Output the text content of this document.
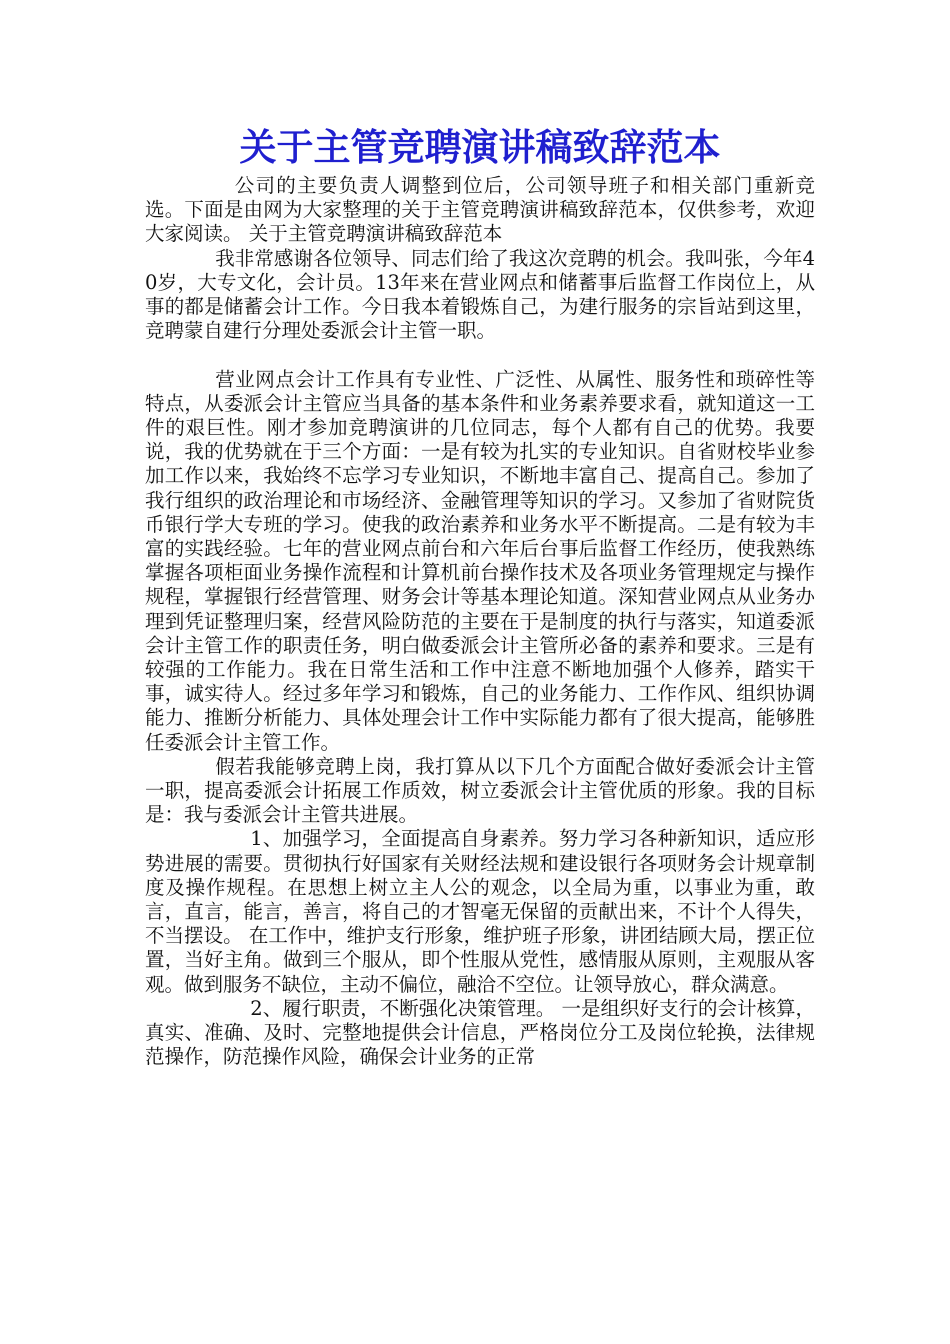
关于主管竞聘演讲稿致辞范本

公司的主要负责人调整到位后，公司领导班子和相关部门重新竞选。下面是由网为大家整理的关于主管竞聘演讲稿致辞范本，仅供参考，欢迎大家阅读。 关于主管竞聘演讲稿致辞范本

我非常感谢各位领导、同志们给了我这次竞聘的机会。我叫张，今年40岁，大专文化，会计员。13年来在营业网点和储蓄事后监督工作岗位上，从事的都是储蓄会计工作。今日我本着锻炼自己，为建行服务的宗旨站到这里，竞聘蒙自建行分理处委派会计主管一职。

营业网点会计工作具有专业性、广泛性、从属性、服务性和琐碎性等特点，从委派会计主管应当具备的基本条件和业务素养要求看，就知道这一工件的艰巨性。刚才参加竞聘演讲的几位同志，每个人都有自己的优势。我要说，我的优势就在于三个方面：一是有较为扎实的专业知识。自省财校毕业参加工作以来，我始终不忘学习专业知识，不断地丰富自己、提高自己。参加了我行组织的政治理论和市场经济、金融管理等知识的学习。又参加了省财院货币银行学大专班的学习。使我的政治素养和业务水平不断提高。二是有较为丰富的实践经验。七年的营业网点前台和六年后台事后监督工作经历，使我熟练掌握各项柜面业务操作流程和计算机前台操作技术及各项业务管理规定与操作规程，掌握银行经营管理、财务会计等基本理论知道。深知营业网点从业务办理到凭证整理归案，经营风险防范的主要在于是制度的执行与落实，知道委派会计主管工作的职责任务，明白做委派会计主管所必备的素养和要求。三是有较强的工作能力。我在日常生活和工作中注意不断地加强个人修养，踏实干事，诚实待人。经过多年学习和锻炼，自己的业务能力、工作作风、组织协调能力、推断分析能力、具体处理会计工作中实际能力都有了很大提高，能够胜任委派会计主管工作。

假若我能够竞聘上岗，我打算从以下几个方面配合做好委派会计主管一职，提高委派会计拓展工作质效，树立委派会计主管优质的形象。我的目标是：我与委派会计主管共进展。

1、加强学习，全面提高自身素养。努力学习各种新知识，适应形势进展的需要。贯彻执行好国家有关财经法规和建设银行各项财务会计规章制度及操作规程。在思想上树立主人公的观念，以全局为重，以事业为重，敢言，直言，能言，善言，将自己的才智毫无保留的贡献出来，不计个人得失，不当摆设。 在工作中，维护支行形象，维护班子形象，讲团结顾大局，摆正位置，当好主角。做到三个服从，即个性服从党性，感情服从原则，主观服从客观。做到服务不缺位，主动不偏位，融洽不空位。让领导放心，群众满意。

2、履行职责，不断强化决策管理。 一是组织好支行的会计核算，真实、准确、及时、完整地提供会计信息，严格岗位分工及岗位轮换，法律规范操作，防范操作风险，确保会计业务的正常
